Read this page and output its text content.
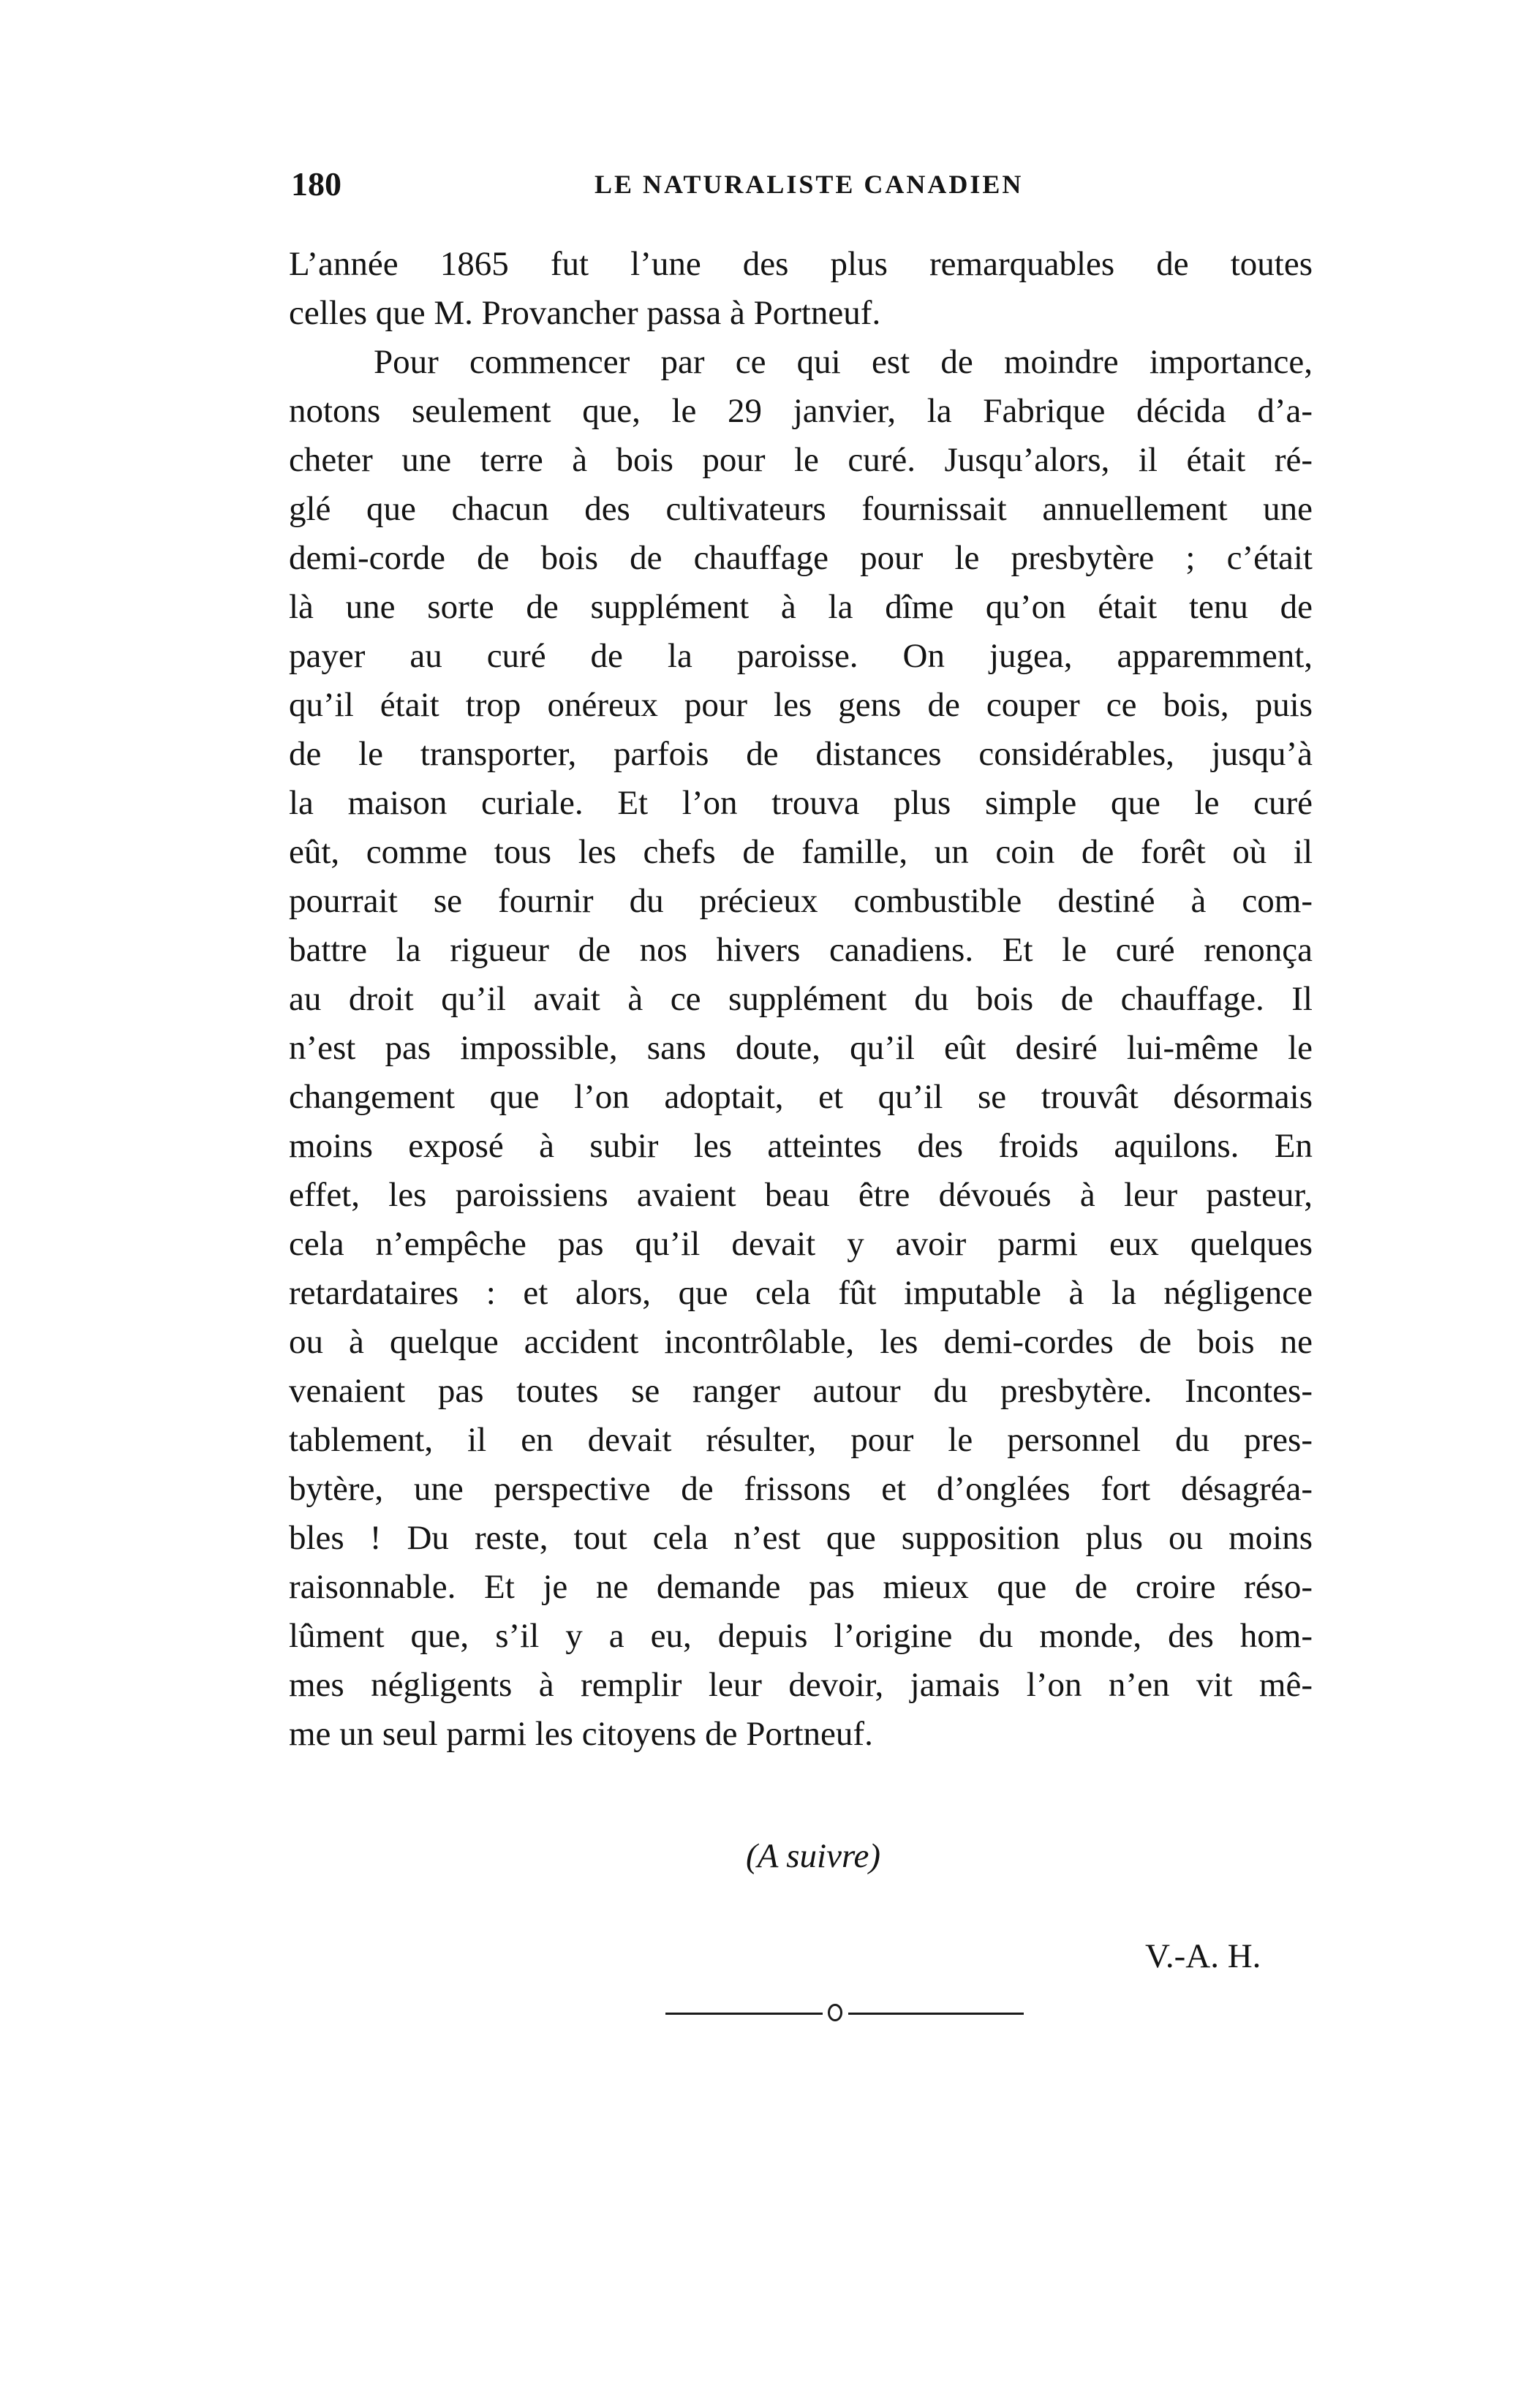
180	LE NATURALISTE CANADIEN
L’année 1865 fut l’une des plus remarquables de toutes
celles que M. Provancher passa à Portneuf.
Pour commencer par ce qui est de moindre importance,
notons seulement que, le 29 janvier, la Fabrique décida d’a-
cheter une terre à bois pour le curé. Jusqu’alors, il était ré-
glé que chacun des cultivateurs fournissait annuellement une
demi-corde de bois de chauffage pour le presbytère ; c’était
là une sorte de supplément à la dîme qu’on était tenu de
payer au curé de la paroisse. On jugea, apparemment,
qu’il était trop onéreux pour les gens de couper ce bois, puis
de le transporter, parfois de distances considérables, jusqu’à
la maison curiale. Et l’on trouva plus simple que le curé
eût, comme tous les chefs de famille, un coin de forêt où il
pourrait se fournir du précieux combustible destiné à com-
battre la rigueur de nos hivers canadiens. Et le curé renonça
au droit qu’il avait à ce supplément du bois de chauffage. Il
n’est pas impossible, sans doute, qu’il eût desiré lui-même le
changement que l’on adoptait, et qu’il se trouvât désormais
moins exposé à subir les atteintes des froids aquilons. En
effet, les paroissiens avaient beau être dévoués à leur pasteur,
cela n’empêche pas qu’il devait y avoir parmi eux quelques
retardataires : et alors, que cela fût imputable à la négligence
ou à quelque accident incontrôlable, les demi-cordes de bois ne
venaient pas toutes se ranger autour du presbytère. Incontes-
tablement, il en devait résulter, pour le personnel du pres-
bytère, une perspective de frissons et d’onglées fort désagréa-
bles ! Du reste, tout cela n’est que supposition plus ou moins
raisonnable. Et je ne demande pas mieux que de croire réso-
lûment que, s’il y a eu, depuis l’origine du monde, des hom-
mes négligents à remplir leur devoir, jamais l’on n’en vit mê-
me un seul parmi les citoyens de Portneuf.
(A suivre)
V.-A. H.
